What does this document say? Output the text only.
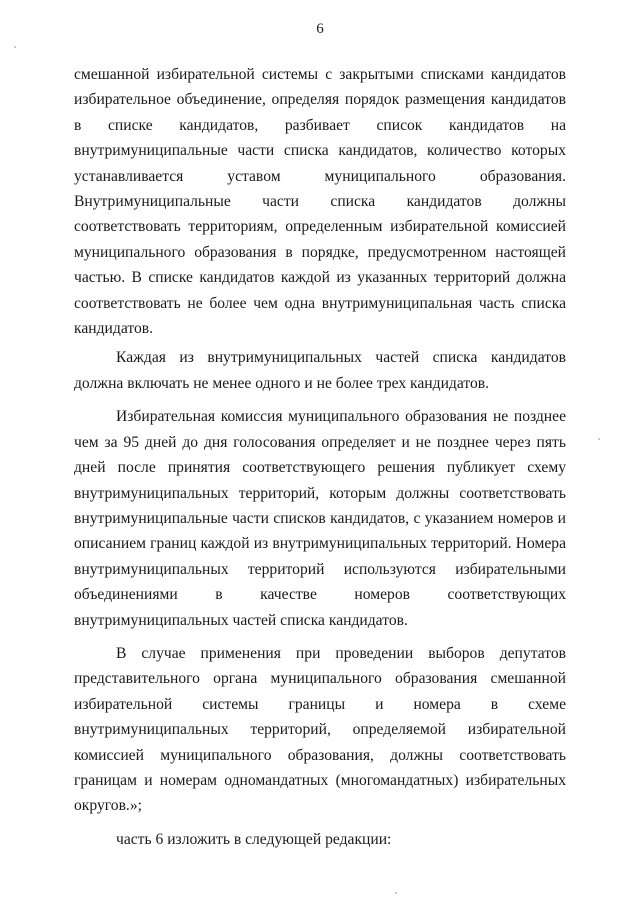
6

смешанной избирательной системы с закрытыми списками кандидатов избирательное объединение, определяя порядок размещения кандидатов в списке кандидатов, разбивает список кандидатов на внутримуниципальные части списка кандидатов, количество которых устанавливается уставом муниципального образования. Внутримуниципальные части списка кандидатов должны соответствовать территориям, определенным избирательной комиссией муниципального образования в порядке, предусмотренном настоящей частью. В списке кандидатов каждой из указанных территорий должна соответствовать не более чем одна внутримуниципальная часть списка кандидатов.

Каждая из внутримуниципальных частей списка кандидатов должна включать не менее одного и не более трех кандидатов.

Избирательная комиссия муниципального образования не позднее чем за 95 дней до дня голосования определяет и не позднее через пять дней после принятия соответствующего решения публикует схему внутримуниципальных территорий, которым должны соответствовать внутримуниципальные части списков кандидатов, с указанием номеров и описанием границ каждой из внутримуниципальных территорий. Номера внутримуниципальных территорий используются избирательными объединениями в качестве номеров соответствующих внутримуниципальных частей списка кандидатов.

В случае применения при проведении выборов депутатов представительного органа муниципального образования смешанной избирательной системы границы и номера в схеме внутримуниципальных территорий, определяемой избирательной комиссией муниципального образования, должны соответствовать границам и номерам одномандатных (многомандатных) избирательных округов.»;

часть 6 изложить в следующей редакции:
